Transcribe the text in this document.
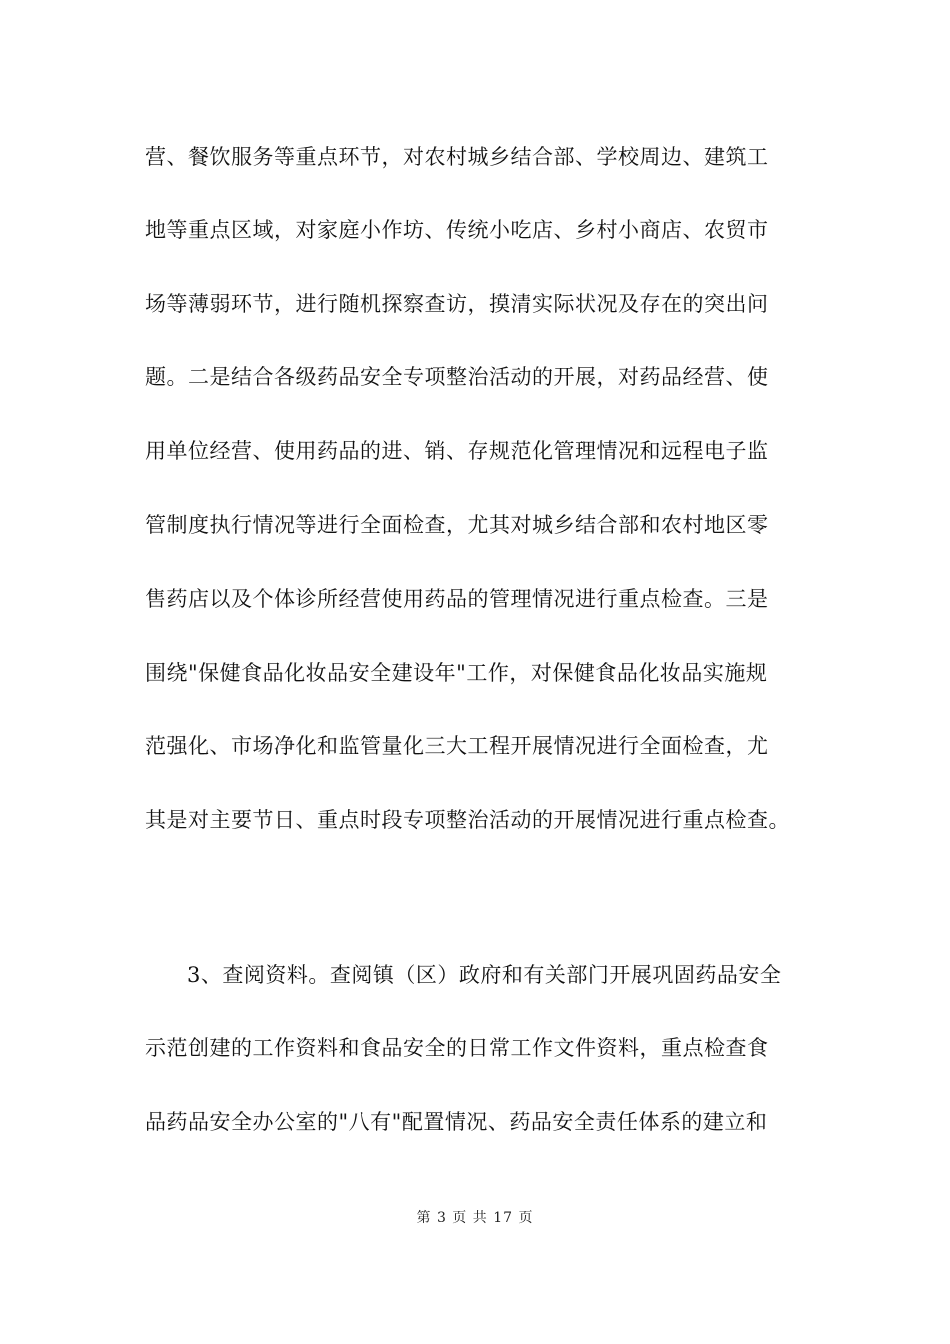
营、餐饮服务等重点环节，对农村城乡结合部、学校周边、建筑工
地等重点区域，对家庭小作坊、传统小吃店、乡村小商店、农贸市
场等薄弱环节，进行随机探察查访，摸清实际状况及存在的突出问
题。二是结合各级药品安全专项整治活动的开展，对药品经营、使
用单位经营、使用药品的进、销、存规范化管理情况和远程电子监
管制度执行情况等进行全面检查，尤其对城乡结合部和农村地区零
售药店以及个体诊所经营使用药品的管理情况进行重点检查。三是
围绕"保健食品化妆品安全建设年"工作，对保健食品化妆品实施规
范强化、市场净化和监管量化三大工程开展情况进行全面检查，尤
其是对主要节日、重点时段专项整治活动的开展情况进行重点检查。
3、查阅资料。查阅镇（区）政府和有关部门开展巩固药品安全
示范创建的工作资料和食品安全的日常工作文件资料，重点检查食
品药品安全办公室的"八有"配置情况、药品安全责任体系的建立和
第 3 页 共 17 页
